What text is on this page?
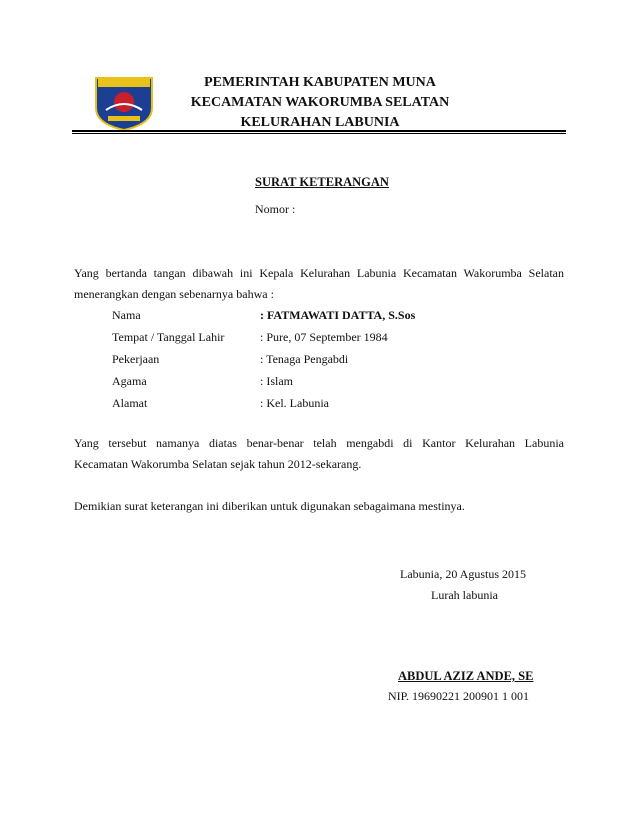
PEMERINTAH KABUPATEN MUNA
KECAMATAN WAKORUMBA SELATAN
KELURAHAN LABUNIA
SURAT KETERANGAN
Nomor :
Yang bertanda tangan dibawah ini Kepala Kelurahan Labunia Kecamatan Wakorumba Selatan
menerangkan dengan sebenarnya bahwa :
Nama	: FATMAWATI DATTA, S.Sos
Tempat / Tanggal Lahir	: Pure, 07 September 1984
Pekerjaan	: Tenaga Pengabdi
Agama	: Islam
Alamat	: Kel. Labunia
Yang tersebut namanya diatas benar-benar telah mengabdi di Kantor Kelurahan Labunia
Kecamatan Wakorumba Selatan sejak tahun 2012-sekarang.
Demikian surat keterangan ini diberikan untuk digunakan sebagaimana mestinya.
Labunia, 20 Agustus 2015
Lurah labunia
ABDUL AZIZ ANDE, SE
NIP. 19690221 200901 1 001
